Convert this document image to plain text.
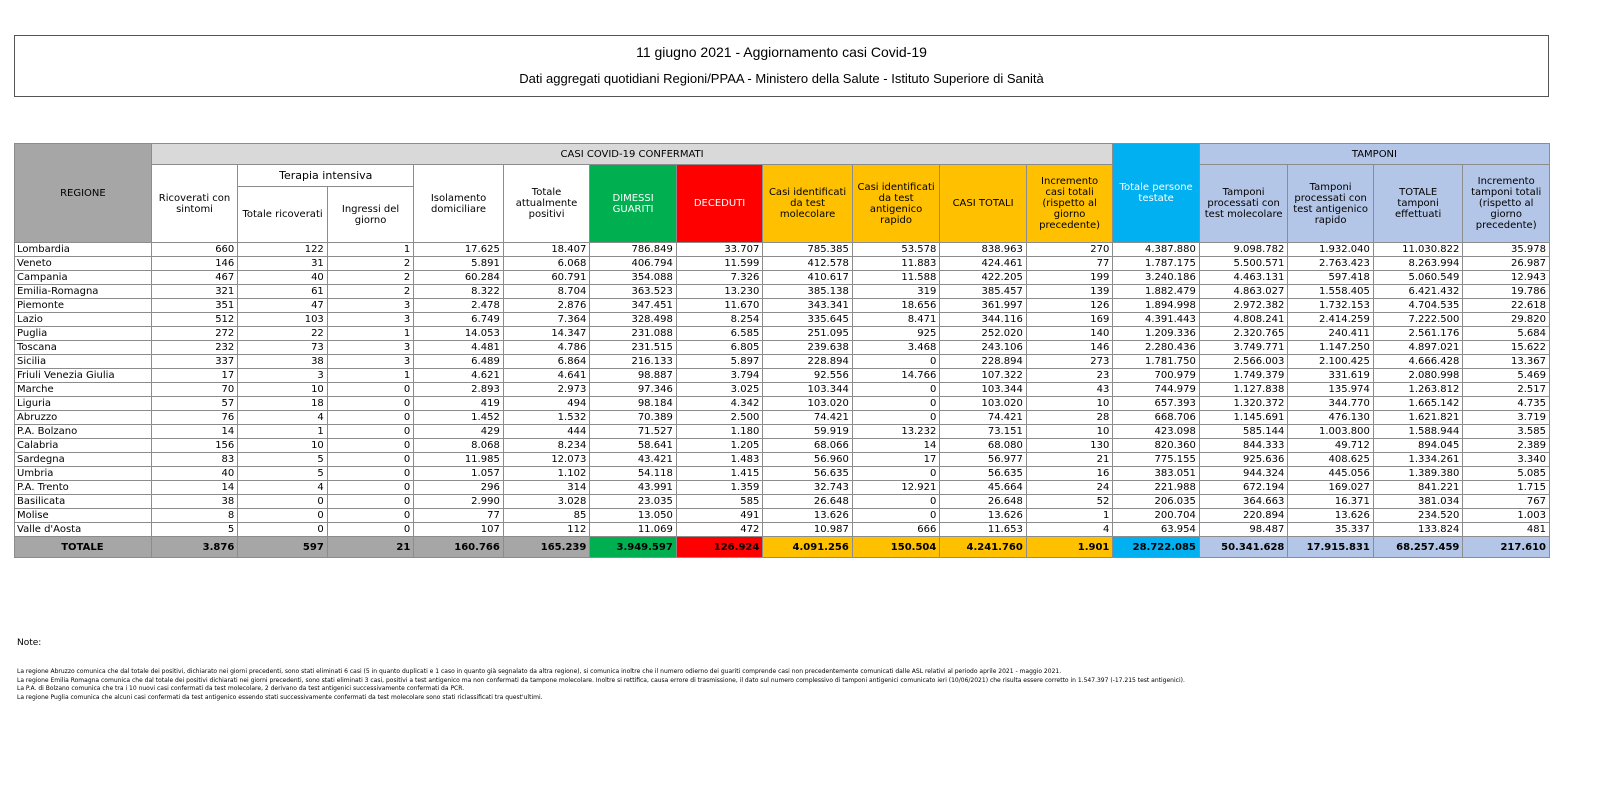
11 giugno 2021 - Aggiornamento casi Covid-19
Dati aggregati quotidiani Regioni/PPAA - Ministero della Salute - Istituto Superiore di Sanità
REGIONE	CASI COVID-19 CONFERMATI											Totale persone testate	TAMPONI			
	Ricoverati con sintomi	Terapia intensiva		Isolamento domiciliare	Totale attualmente positivi	DIMESSI GUARITI	DECEDUTI	Casi identificati da test molecolare	Casi identificati da test antigenico rapido	CASI TOTALI	Incremento casi totali (rispetto al giorno precedente)		Tamponi processati con test molecolare	Tamponi processati con test antigenico rapido	TOTALE tamponi effettuati	Incremento tamponi totali (rispetto al giorno precedente)
		Totale ricoverati	Ingressi del giorno													
Lombardia	660	122	1	17.625	18.407	786.849	33.707	785.385	53.578	838.963	270	4.387.880	9.098.782	1.932.040	11.030.822	35.978
Veneto	146	31	2	5.891	6.068	406.794	11.599	412.578	11.883	424.461	77	1.787.175	5.500.571	2.763.423	8.263.994	26.987
Campania	467	40	2	60.284	60.791	354.088	7.326	410.617	11.588	422.205	199	3.240.186	4.463.131	597.418	5.060.549	12.943
Emilia-Romagna	321	61	2	8.322	8.704	363.523	13.230	385.138	319	385.457	139	1.882.479	4.863.027	1.558.405	6.421.432	19.786
Piemonte	351	47	3	2.478	2.876	347.451	11.670	343.341	18.656	361.997	126	1.894.998	2.972.382	1.732.153	4.704.535	22.618
Lazio	512	103	3	6.749	7.364	328.498	8.254	335.645	8.471	344.116	169	4.391.443	4.808.241	2.414.259	7.222.500	29.820
Puglia	272	22	1	14.053	14.347	231.088	6.585	251.095	925	252.020	140	1.209.336	2.320.765	240.411	2.561.176	5.684
Toscana	232	73	3	4.481	4.786	231.515	6.805	239.638	3.468	243.106	146	2.280.436	3.749.771	1.147.250	4.897.021	15.622
Sicilia	337	38	3	6.489	6.864	216.133	5.897	228.894	0	228.894	273	1.781.750	2.566.003	2.100.425	4.666.428	13.367
Friuli Venezia Giulia	17	3	1	4.621	4.641	98.887	3.794	92.556	14.766	107.322	23	700.979	1.749.379	331.619	2.080.998	5.469
Marche	70	10	0	2.893	2.973	97.346	3.025	103.344	0	103.344	43	744.979	1.127.838	135.974	1.263.812	2.517
Liguria	57	18	0	419	494	98.184	4.342	103.020	0	103.020	10	657.393	1.320.372	344.770	1.665.142	4.735
Abruzzo	76	4	0	1.452	1.532	70.389	2.500	74.421	0	74.421	28	668.706	1.145.691	476.130	1.621.821	3.719
P.A. Bolzano	14	1	0	429	444	71.527	1.180	59.919	13.232	73.151	10	423.098	585.144	1.003.800	1.588.944	3.585
Calabria	156	10	0	8.068	8.234	58.641	1.205	68.066	14	68.080	130	820.360	844.333	49.712	894.045	2.389
Sardegna	83	5	0	11.985	12.073	43.421	1.483	56.960	17	56.977	21	775.155	925.636	408.625	1.334.261	3.340
Umbria	40	5	0	1.057	1.102	54.118	1.415	56.635	0	56.635	16	383.051	944.324	445.056	1.389.380	5.085
P.A. Trento	14	4	0	296	314	43.991	1.359	32.743	12.921	45.664	24	221.988	672.194	169.027	841.221	1.715
Basilicata	38	0	0	2.990	3.028	23.035	585	26.648	0	26.648	52	206.035	364.663	16.371	381.034	767
Molise	8	0	0	77	85	13.050	491	13.626	0	13.626	1	200.704	220.894	13.626	234.520	1.003
Valle d'Aosta	5	0	0	107	112	11.069	472	10.987	666	11.653	4	63.954	98.487	35.337	133.824	481
TOTALE	3.876	597	21	160.766	165.239	3.949.597	126.924	4.091.256	150.504	4.241.760	1.901	28.722.085	50.341.628	17.915.831	68.257.459	217.610
Note:
La regione Abruzzo comunica che dal totale dei positivi, dichiarato nei giorni precedenti, sono stati eliminati 6 casi (5 in quanto duplicati e 1 caso in quanto già segnalato da altra regione), si comunica inoltre che il numero odierno dei guariti comprende casi non precedentemente comunicati dalle ASL relativi al periodo aprile 2021 - maggio 2021.
La regione Emilia Romagna comunica che dal totale dei positivi dichiarati nei giorni precedenti, sono stati eliminati 3 casi, positivi a test antigenico ma non confermati da tampone molecolare. Inoltre si rettifica, causa errore di trasmissione, il dato sul numero complessivo di tamponi antigenici comunicato ieri (10/06/2021) che risulta essere corretto in 1.547.397 (-17.215 test antigenici).
La P.A. di Bolzano comunica che tra i 10 nuovi casi confermati da test molecolare, 2 derivano da test antigenici successivamente confermati da PCR.
La regione Puglia comunica che alcuni casi confermati da test antigenico essendo stati successivamente confermati da test molecolare sono stati riclassificati tra quest'ultimi.
